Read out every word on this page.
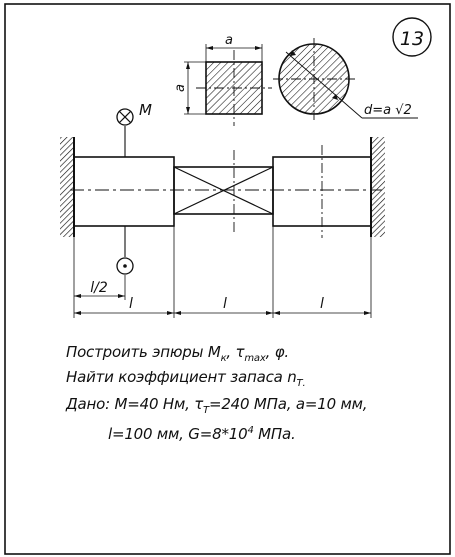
13
a
a
d=a √2
M
l/2
l	l	l
Построить эпюры $M_к$, $\tau_{max}$, φ.
Найти коэффициент запаса $n_{Т.}$
Дано: M=40 Hм, $\tau_Т=240$ МПа, a=10 мм,
l=100 мм, $G=8*10^4$ МПа.
